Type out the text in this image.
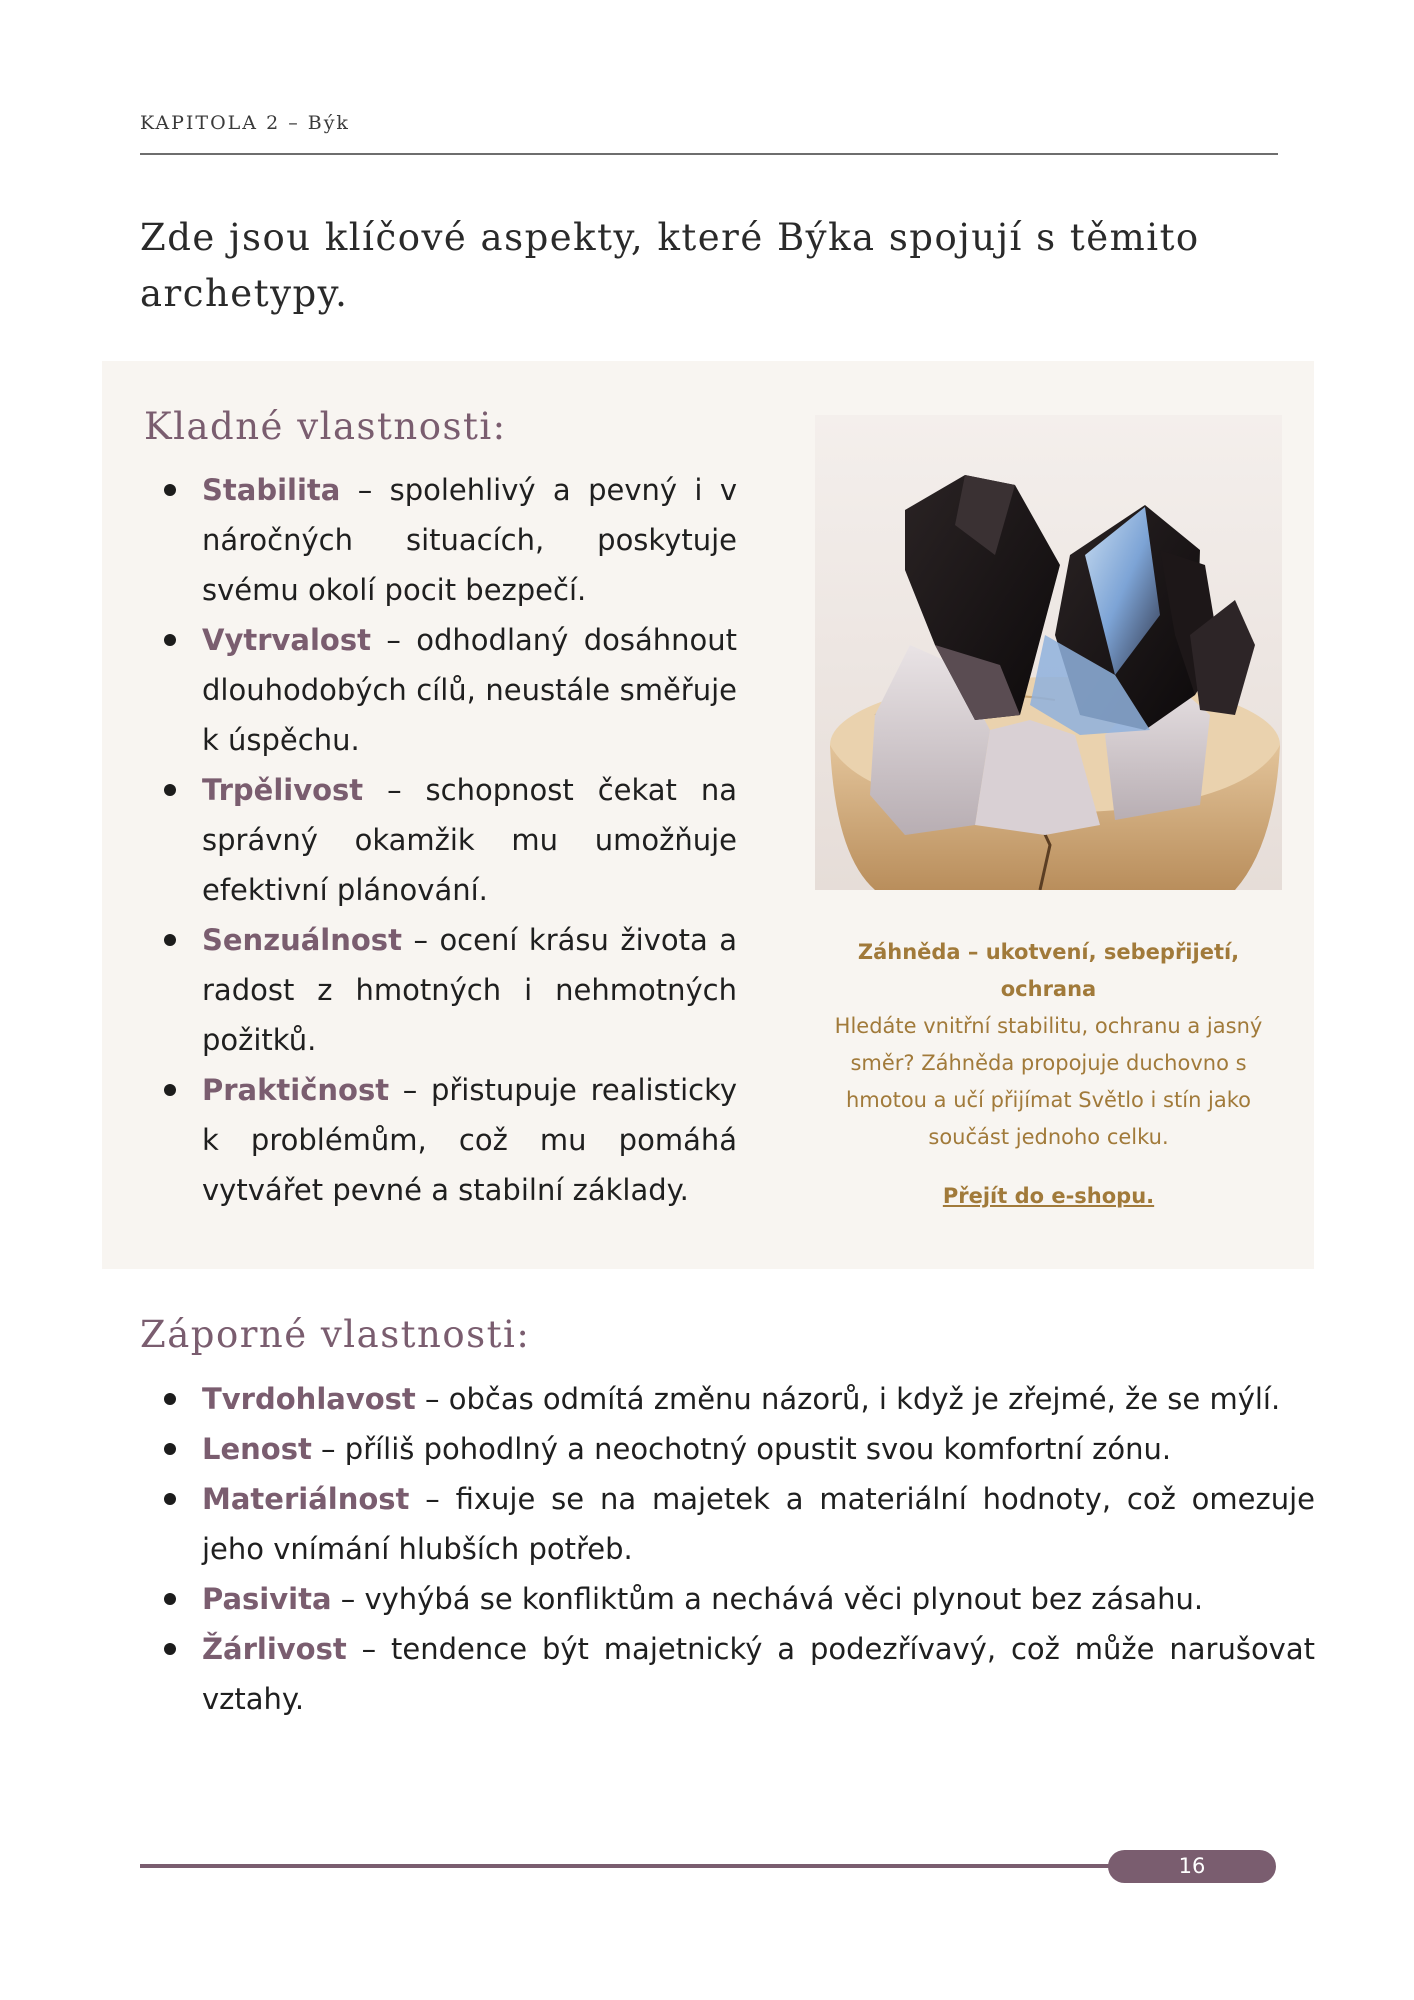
KAPITOLA 2 – Býk
Zde jsou klíčové aspekty, které Býka spojují s těmito archetypy.
Kladné vlastnosti:
Stabilita – spolehlivý a pevný i v náročných situacích, poskytuje svému okolí pocit bezpečí.
Vytrvalost – odhodlaný dosáhnout dlouhodobých cílů, neustále směřuje k úspěchu.
Trpělivost – schopnost čekat na správný okamžik mu umožňuje efektivní plánování.
Senzuálnost – ocení krásu života a radost z hmotných i nehmotných požitků.
Praktičnost – přistupuje realisticky k problémům, což mu pomáhá vytvářet pevné a stabilní základy.
Záhněda – ukotvení, sebepřijetí, ochrana
Hledáte vnitřní stabilitu, ochranu a jasný směr? Záhněda propojuje duchovno s hmotou a učí přijímat Světlo i stín jako součást jednoho celku.
Přejít do e-shopu.
Záporné vlastnosti:
Tvrdohlavost – občas odmítá změnu názorů, i když je zřejmé, že se mýlí.
Lenost – příliš pohodlný a neochotný opustit svou komfortní zónu.
Materiálnost – fixuje se na majetek a materiální hodnoty, což omezuje jeho vnímání hlubších potřeb.
Pasivita – vyhýbá se konfliktům a nechává věci plynout bez zásahu.
Žárlivost – tendence být majetnický a podezřívavý, což může narušovat vztahy.
16
